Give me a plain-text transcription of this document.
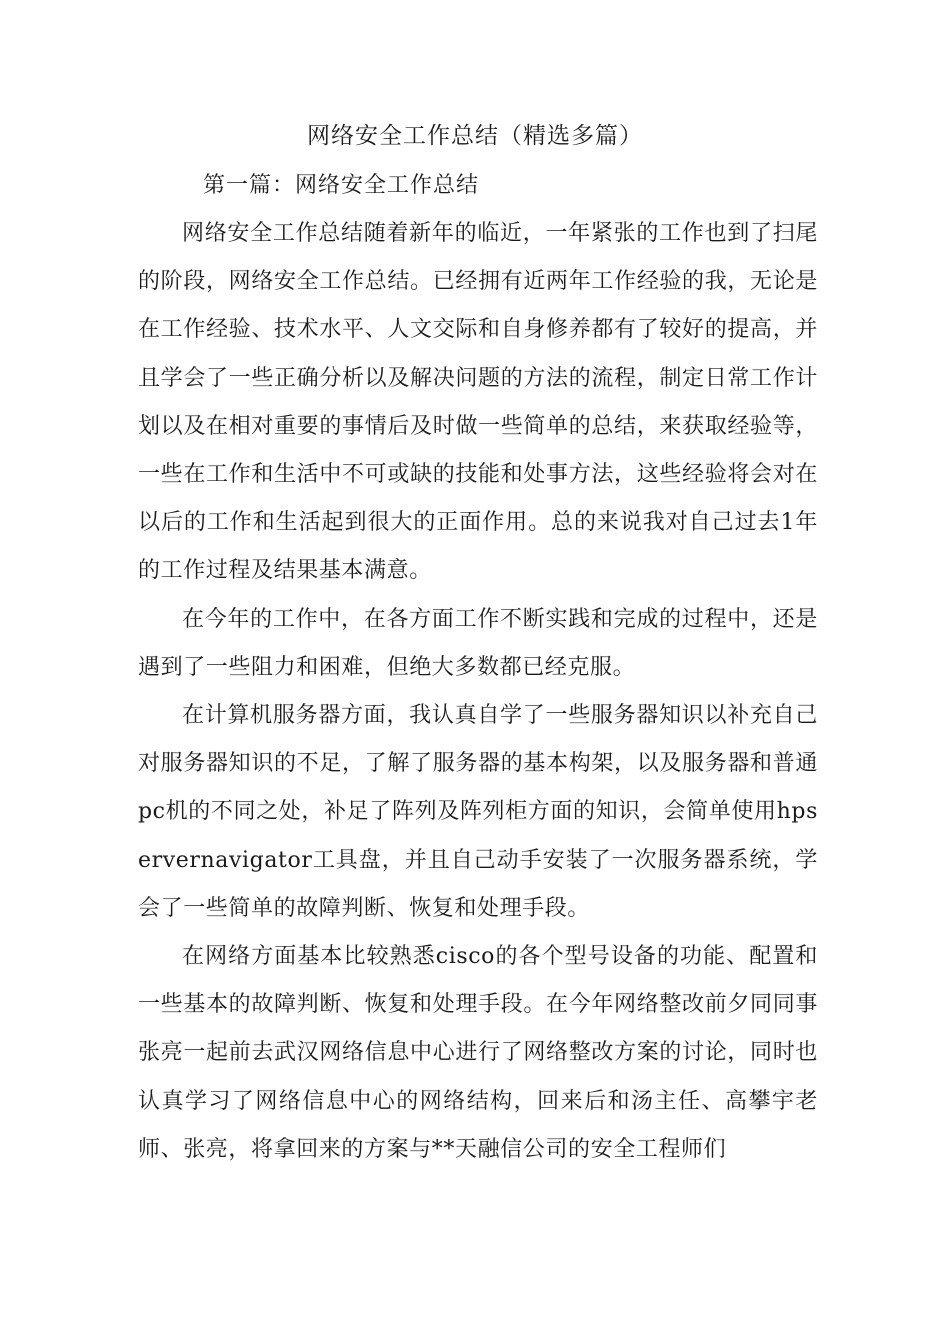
网络安全工作总结（精选多篇）
第一篇：网络安全工作总结

网络安全工作总结随着新年的临近，一年紧张的工作也到了扫尾的阶段，网络安全工作总结。已经拥有近两年工作经验的我，无论是在工作经验、技术水平、人文交际和自身修养都有了较好的提高，并且学会了一些正确分析以及解决问题的方法的流程，制定日常工作计划以及在相对重要的事情后及时做一些简单的总结，来获取经验等，一些在工作和生活中不可或缺的技能和处事方法，这些经验将会对在以后的工作和生活起到很大的正面作用。总的来说我对自己过去1年的工作过程及结果基本满意。

在今年的工作中，在各方面工作不断实践和完成的过程中，还是遇到了一些阻力和困难，但绝大多数都已经克服。

在计算机服务器方面，我认真自学了一些服务器知识以补充自己对服务器知识的不足，了解了服务器的基本构架，以及服务器和普通pc机的不同之处，补足了阵列及阵列柜方面的知识，会简单使用hpservernavigator工具盘，并且自己动手安装了一次服务器系统，学会了一些简单的故障判断、恢复和处理手段。

在网络方面基本比较熟悉cisco的各个型号设备的功能、配置和一些基本的故障判断、恢复和处理手段。在今年网络整改前夕同同事张亮一起前去武汉网络信息中心进行了网络整改方案的讨论，同时也认真学习了网络信息中心的网络结构，回来后和汤主任、高攀宇老师、张亮，将拿回来的方案与**天融信公司的安全工程师们
